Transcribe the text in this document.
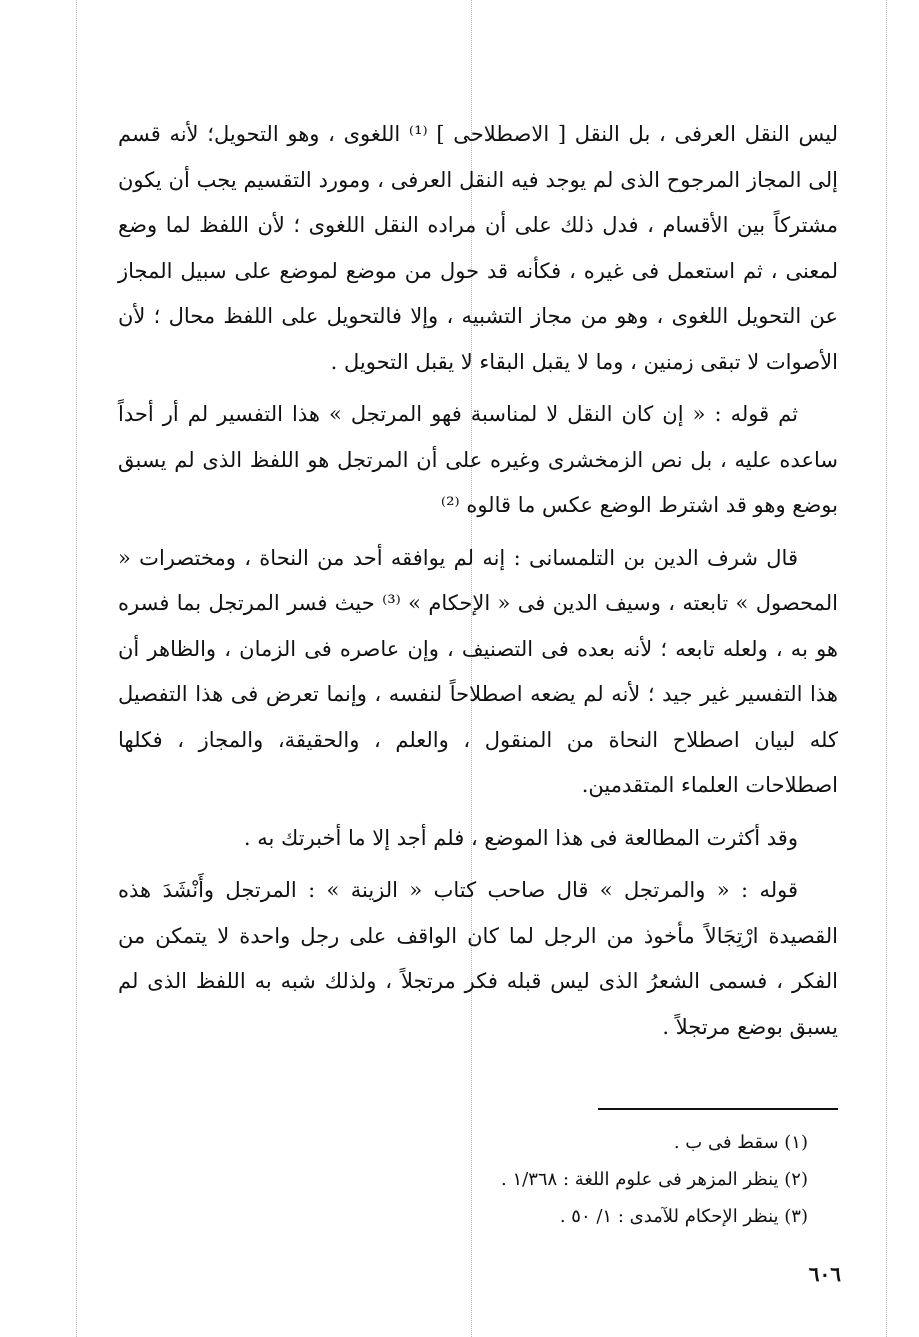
ليس النقل العرفى ، بل النقل [ الاصطلاحى ] ⁽¹⁾ اللغوى ، وهو التحويل؛ لأنه قسم إلى المجاز المرجوح الذى لم يوجد فيه النقل العرفى ، ومورد التقسيم يجب أن يكون مشتركاً بين الأقسام ، فدل ذلك على أن مراده النقل اللغوى ؛ لأن اللفظ لما وضع لمعنى ، ثم استعمل فى غيره ، فكأنه قد حول من موضع لموضع على سبيل المجاز عن التحويل اللغوى ، وهو من مجاز التشبيه ، وإلا فالتحويل على اللفظ محال ؛ لأن الأصوات لا تبقى زمنين ، وما لا يقبل البقاء لا يقبل التحويل .

ثم قوله : « إن كان النقل لا لمناسبة فهو المرتجل » هذا التفسير لم أر أحداً ساعده عليه ، بل نص الزمخشرى وغيره على أن المرتجل هو اللفظ الذى لم يسبق بوضع وهو قد اشترط الوضع عكس ما قالوه ⁽²⁾

قال شرف الدين بن التلمسانى : إنه لم يوافقه أحد من النحاة ، ومختصرات « المحصول » تابعته ، وسيف الدين فى « الإحكام » ⁽³⁾ حيث فسر المرتجل بما فسره هو به ، ولعله تابعه ؛ لأنه بعده فى التصنيف ، وإن عاصره فى الزمان ، والظاهر أن هذا التفسير غير جيد ؛ لأنه لم يضعه اصطلاحاً لنفسه ، وإنما تعرض فى هذا التفصيل كله لبيان اصطلاح النحاة من المنقول ، والعلم ، والحقيقة، والمجاز ، فكلها اصطلاحات العلماء المتقدمين.

وقد أكثرت المطالعة فى هذا الموضع ، فلم أجد إلا ما أخبرتك به .

قوله : « والمرتجل » قال صاحب كتاب « الزينة » : المرتجل وأَنْشَدَ هذه القصيدة ارْتِجَالاً مأخوذ من الرجل لما كان الواقف على رجل واحدة لا يتمكن من الفكر ، فسمى الشعرُ الذى ليس قبله فكر مرتجلاً ، ولذلك شبه به اللفظ الذى لم يسبق بوضع مرتجلاً .

(١) سقط فى ب .

(٢) ينظر المزهر فى علوم اللغة : ١/٣٦٨ .

(٣) ينظر الإحكام للآمدى : ١/ ٥٠ .

٦٠٦
